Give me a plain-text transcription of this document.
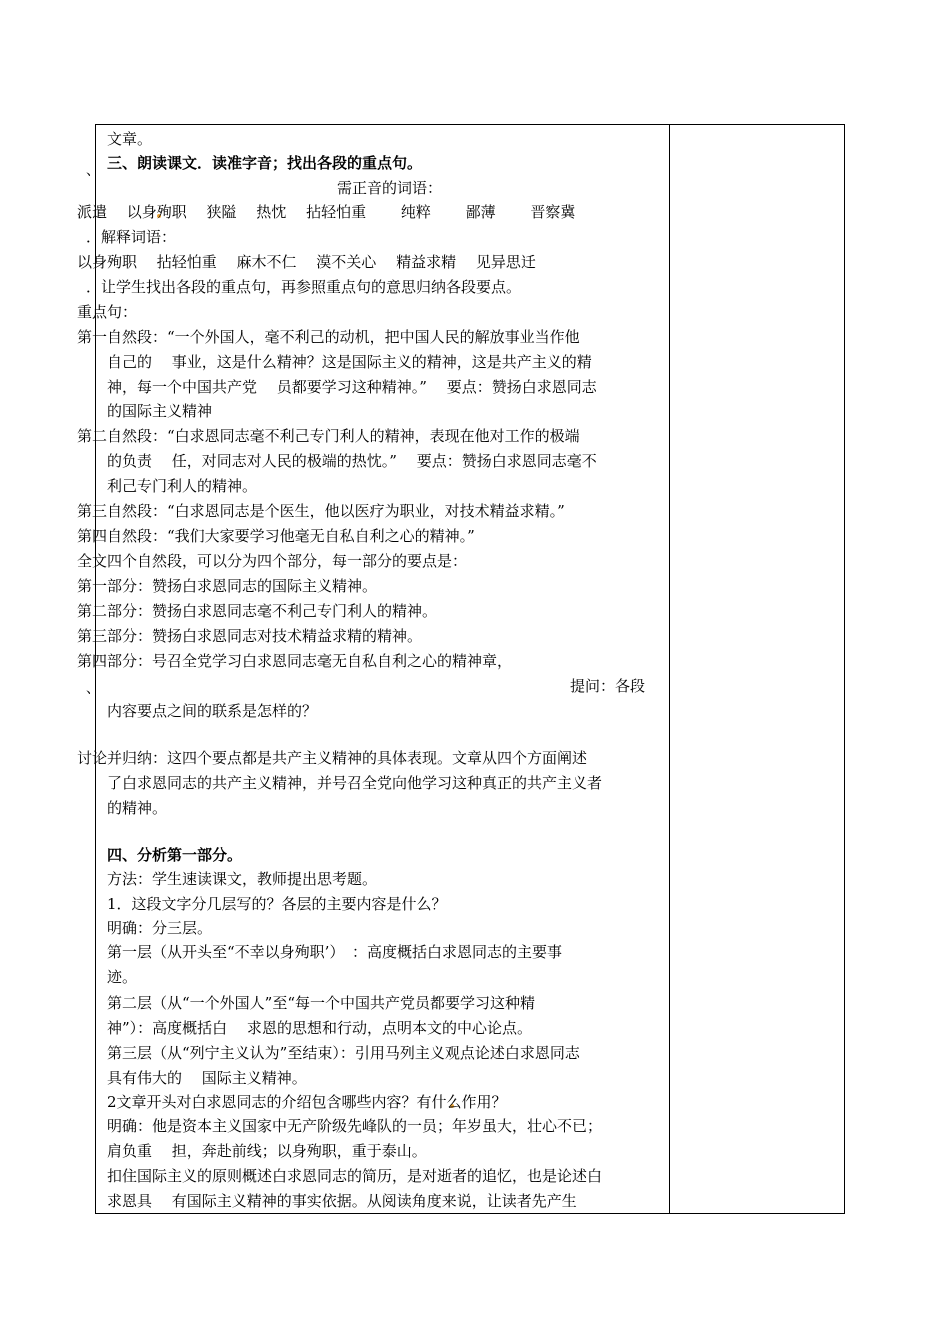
、
、
文章。
三、朗读课文．读准字音；找出各段的重点句。
需正音的词语：
派遣　 以身殉职　 狭隘　 热忱　 拈轻怕重　　 纯粹　　 鄙薄　　 晋察冀
．解释词语：
以身殉职　 拈轻怕重　 麻木不仁　 漠不关心　 精益求精　 见异思迁
．让学生找出各段的重点句，再参照重点句的意思归纳各段要点。
重点句：
第一自然段：“一个外国人，毫不利己的动机，把中国人民的解放事业当作他
自己的　 事业，这是什么精神？这是国际主义的精神，这是共产主义的精
神，每一个中国共产党　 员都要学习这种精神。”　 要点：赞扬白求恩同志
的国际主义精神
第二自然段：“白求恩同志毫不利己专门利人的精神，表现在他对工作的极端
的负责　 任，对同志对人民的极端的热忱。”　 要点：赞扬白求恩同志毫不
利己专门利人的精神。
第三自然段：“白求恩同志是个医生，他以医疗为职业，对技术精益求精。”
第四自然段：“我们大家要学习他毫无自私自利之心的精神。”
全文四个自然段，可以分为四个部分，每一部分的要点是：
第一部分：赞扬白求恩同志的国际主义精神。
第二部分：赞扬白求恩同志毫不利己专门利人的精神。
第三部分：赞扬白求恩同志对技术精益求精的精神。
第四部分：号召全党学习白求恩同志毫无自私自利之心的精神章，
提问：各段
内容要点之间的联系是怎样的？
讨论并归纳：这四个要点都是共产主义精神的具体表现。文章从四个方面阐述
了白求恩同志的共产主义精神，并号召全党向他学习这种真正的共产主义者
的精神。
四、分析第一部分。
方法：学生速读课文，教师提出思考题。
1．这段文字分几层写的？各层的主要内容是什么？
明确：分三层。
第一层（从开头至“不幸以身殉职’）　：高度概括白求恩同志的主要事
迹。
第二层（从“一个外国人”至“每一个中国共产党员都要学习这种精
神”）：高度概括白　 求恩的思想和行动，点明本文的中心论点。
第三层（从“列宁主义认为”至结束）：引用马列主义观点论述白求恩同志
具有伟大的　 国际主义精神。
2文章开头对白求恩同志的介绍包含哪些内容？有什么作用？
明确：他是资本主义国家中无产阶级先峰队的一员；年岁虽大，壮心不已；
肩负重　 担，奔赴前线；以身殉职，重于泰山。
扣住国际主义的原则概述白求恩同志的简历，是对逝者的追忆，也是论述白
求恩具　 有国际主义精神的事实依据。从阅读角度来说，让读者先产生
